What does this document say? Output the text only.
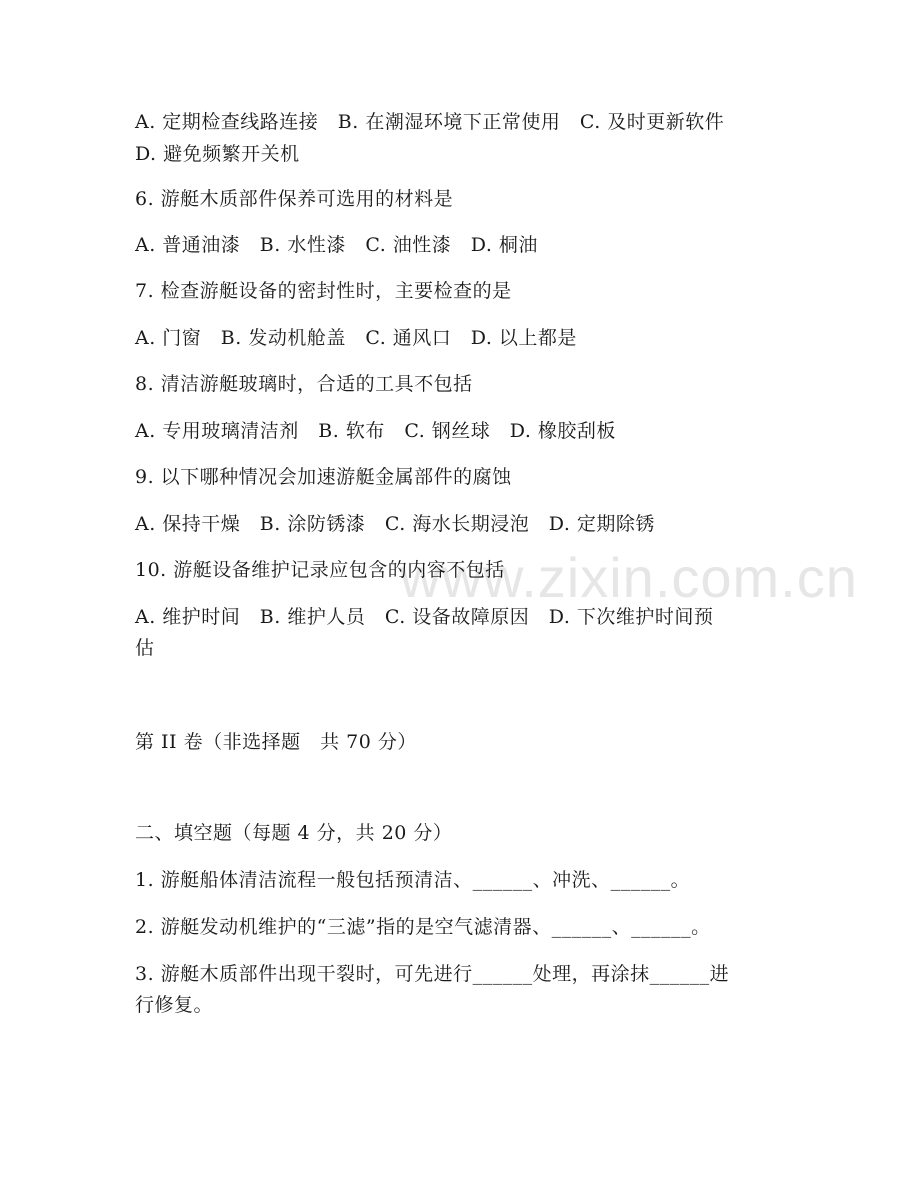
www.zixin.com.cn
A. 定期检查线路连接　B. 在潮湿环境下正常使用　C. 及时更新软件
D. 避免频繁开关机
6. 游艇木质部件保养可选用的材料是
A. 普通油漆　B. 水性漆　C. 油性漆　D. 桐油
7. 检查游艇设备的密封性时，主要检查的是
A. 门窗　B. 发动机舱盖　C. 通风口　D. 以上都是
8. 清洁游艇玻璃时，合适的工具不包括
A. 专用玻璃清洁剂　B. 软布　C. 钢丝球　D. 橡胶刮板
9. 以下哪种情况会加速游艇金属部件的腐蚀
A. 保持干燥　B. 涂防锈漆　C. 海水长期浸泡　D. 定期除锈
10. 游艇设备维护记录应包含的内容不包括
A. 维护时间　B. 维护人员　C. 设备故障原因　D. 下次维护时间预
估
第 II 卷（非选择题　共 70 分）
二、填空题（每题 4 分，共 20 分）
1. 游艇船体清洁流程一般包括预清洁、______、冲洗、______。
2. 游艇发动机维护的“三滤”指的是空气滤清器、______、______。
3. 游艇木质部件出现干裂时，可先进行______处理，再涂抹______进
行修复。
